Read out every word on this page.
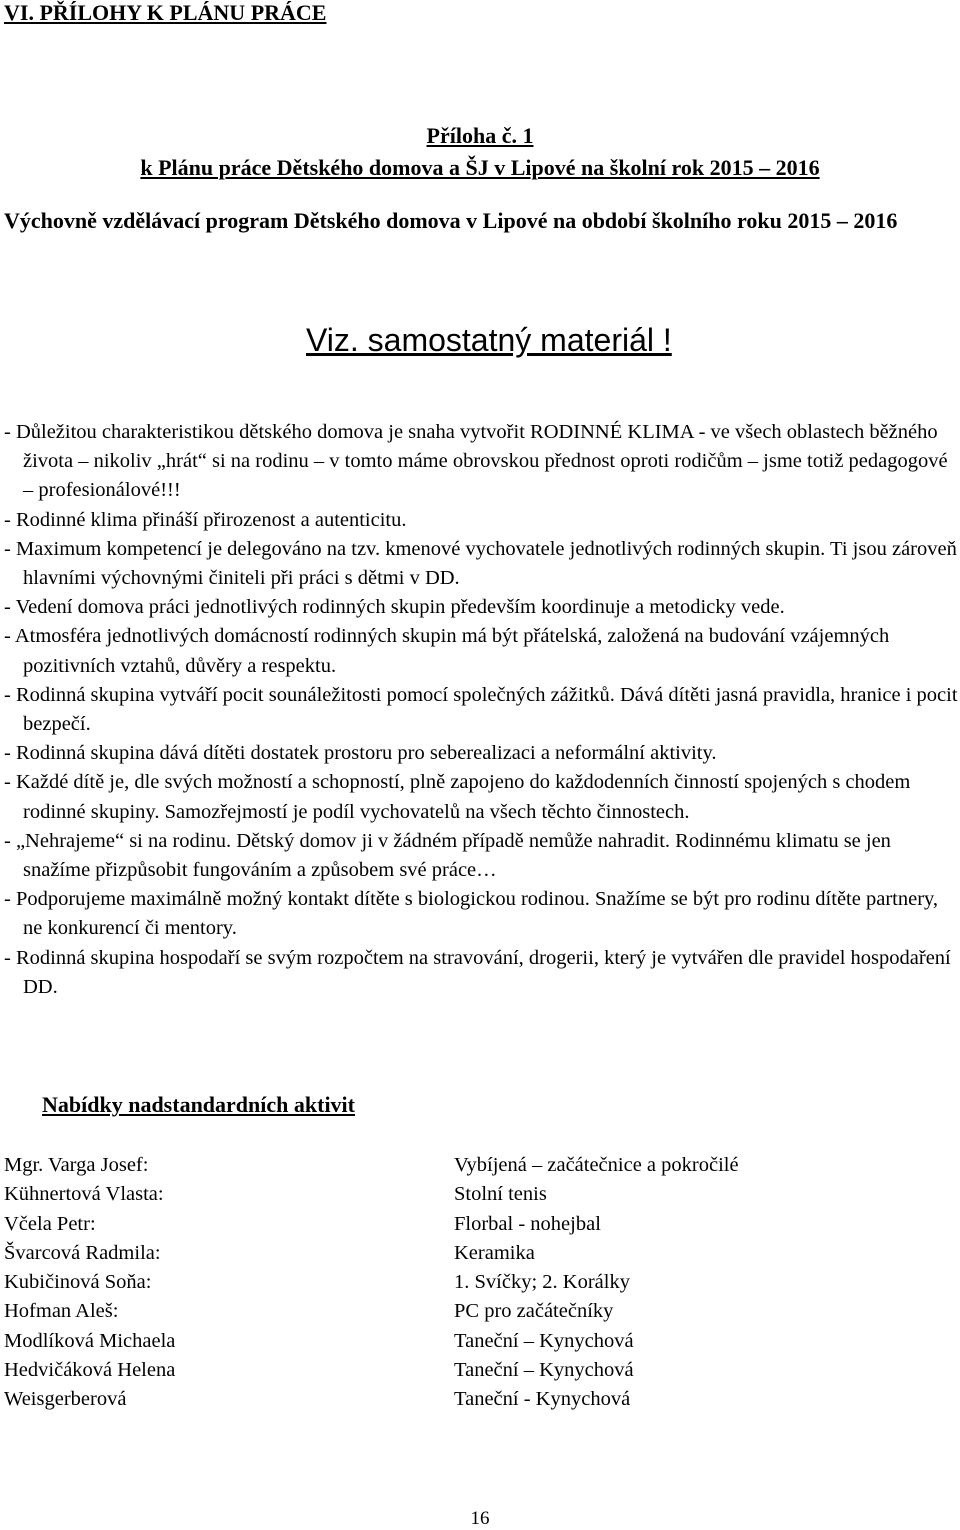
VI. PŘÍLOHY K PLÁNU PRÁCE
Příloha č. 1
k Plánu práce Dětského domova a ŠJ v Lipové na školní rok 2015 – 2016
Výchovně vzdělávací program Dětského domova v Lipové na období školního roku 2015 – 2016
Viz. samostatný materiál !
- Důležitou charakteristikou dětského domova je snaha vytvořit RODINNÉ KLIMA - ve všech oblastech běžného života – nikoliv „hrát“ si na rodinu – v tomto máme obrovskou přednost oproti rodičům – jsme totiž pedagogové – profesionálové!!!
- Rodinné klima přináší přirozenost a autenticitu.
- Maximum kompetencí je delegováno na tzv. kmenové vychovatele jednotlivých rodinných skupin. Ti jsou zároveň hlavními výchovnými činiteli při práci s dětmi v DD.
- Vedení domova práci jednotlivých rodinných skupin především koordinuje a metodicky vede.
- Atmosféra jednotlivých domácností rodinných skupin má být přátelská, založená na budování vzájemných pozitivních vztahů, důvěry a respektu.
- Rodinná skupina vytváří pocit sounáležitosti pomocí společných zážitků. Dává dítěti jasná pravidla, hranice i pocit bezpečí.
- Rodinná skupina dává dítěti dostatek prostoru pro seberealizaci a neformální aktivity.
- Každé dítě je, dle svých možností a schopností, plně zapojeno do každodenních činností spojených s chodem rodinné skupiny. Samozřejmostí je podíl vychovatelů na všech těchto činnostech.
- „Nehrajeme“ si na rodinu. Dětský domov ji v žádném případě nemůže nahradit. Rodinnému klimatu se jen snažíme přizpůsobit fungováním a způsobem své práce…
- Podporujeme maximálně možný kontakt dítěte s biologickou rodinou. Snažíme se být pro rodinu dítěte partnery, ne konkurencí či mentory.
- Rodinná skupina hospodaří se svým rozpočtem na stravování, drogerii, který je vytvářen dle pravidel hospodaření DD.
Nabídky nadstandardních aktivit
Mgr. Varga Josef:	Vybíjená – začátečnice a pokročilé
Kühnertová Vlasta:	Stolní tenis
Včela Petr:	Florbal - nohejbal
Švarcová Radmila:	Keramika
Kubičinová Soňa:	1. Svíčky; 2. Korálky
Hofman Aleš:	PC pro začátečníky
Modlíková Michaela	Taneční – Kynychová
Hedvičáková Helena	Taneční – Kynychová
Weisgerberová	Taneční - Kynychová
16
